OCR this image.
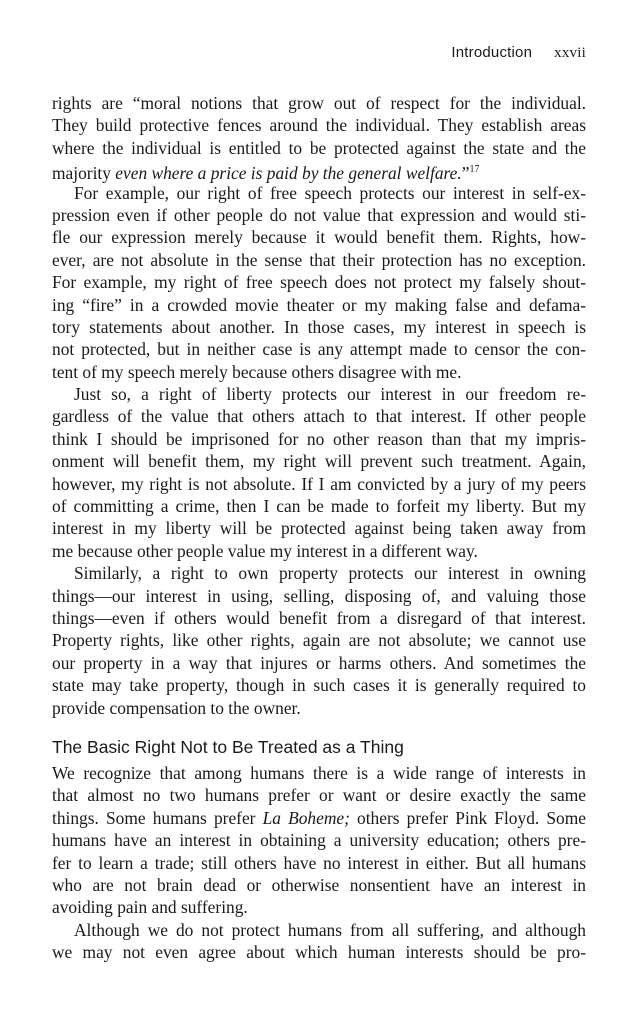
Introduction xxvii
rights are “moral notions that grow out of respect for the individual.
They build protective fences around the individual. They establish areas
where the individual is entitled to be protected against the state and the
majority even where a price is paid by the general welfare.”$^{17}$
For example, our right of free speech protects our interest in self-ex-
pression even if other people do not value that expression and would sti-
fle our expression merely because it would benefit them. Rights, how-
ever, are not absolute in the sense that their protection has no exception.
For example, my right of free speech does not protect my falsely shout-
ing “fire” in a crowded movie theater or my making false and defama-
tory statements about another. In those cases, my interest in speech is
not protected, but in neither case is any attempt made to censor the con-
tent of my speech merely because others disagree with me.
Just so, a right of liberty protects our interest in our freedom re-
gardless of the value that others attach to that interest. If other people
think I should be imprisoned for no other reason than that my impris-
onment will benefit them, my right will prevent such treatment. Again,
however, my right is not absolute. If I am convicted by a jury of my peers
of committing a crime, then I can be made to forfeit my liberty. But my
interest in my liberty will be protected against being taken away from
me because other people value my interest in a different way.
Similarly, a right to own property protects our interest in owning
things—our interest in using, selling, disposing of, and valuing those
things—even if others would benefit from a disregard of that interest.
Property rights, like other rights, again are not absolute; we cannot use
our property in a way that injures or harms others. And sometimes the
state may take property, though in such cases it is generally required to
provide compensation to the owner.
The Basic Right Not to Be Treated as a Thing
We recognize that among humans there is a wide range of interests in
that almost no two humans prefer or want or desire exactly the same
things. Some humans prefer La Boheme; others prefer Pink Floyd. Some
humans have an interest in obtaining a university education; others pre-
fer to learn a trade; still others have no interest in either. But all humans
who are not brain dead or otherwise nonsentient have an interest in
avoiding pain and suffering.
Although we do not protect humans from all suffering, and although
we may not even agree about which human interests should be pro-
